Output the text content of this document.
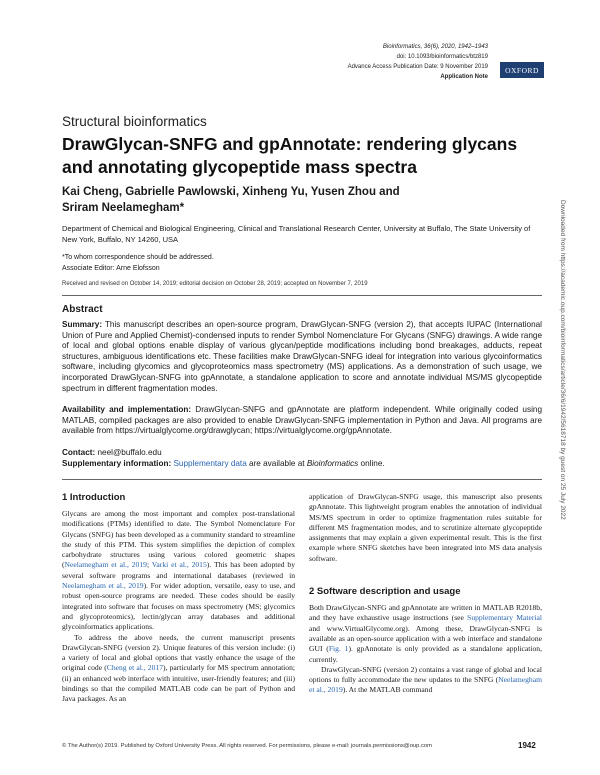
Bioinformatics, 36(6), 2020, 1942–1943
doi: 10.1093/bioinformatics/btz819
Advance Access Publication Date: 9 November 2019
Application Note
OXFORD
Structural bioinformatics
DrawGlycan-SNFG and gpAnnotate: rendering glycans
and annotating glycopeptide mass spectra
Kai Cheng, Gabrielle Pawlowski, Xinheng Yu, Yusen Zhou and
Sriram Neelamegham*
Department of Chemical and Biological Engineering, Clinical and Translational Research Center, University at Buffalo, The State University of New York, Buffalo, NY 14260, USA
*To whom correspondence should be addressed.
Associate Editor: Arne Elofsson
Received and revised on October 14, 2019; editorial decision on October 28, 2019; accepted on November 7, 2019
Abstract

Summary: This manuscript describes an open-source program, DrawGlycan-SNFG (version 2), that accepts IUPAC (International Union of Pure and Applied Chemist)-condensed inputs to render Symbol Nomenclature For Glycans (SNFG) drawings. A wide range of local and global options enable display of various glycan/peptide modifications including bond breakages, adducts, repeat structures, ambiguous identifications etc. These facilities make DrawGlycan-SNFG ideal for integration into various glycoinformatics software, including glycomics and glycoproteomics mass spectrometry (MS) applications. As a demonstration of such usage, we incorporated DrawGlycan-SNFG into gpAnnotate, a standalone application to score and annotate individual MS/MS glycopeptide spectrum in different fragmentation modes.

Availability and implementation: DrawGlycan-SNFG and gpAnnotate are platform independent. While originally coded using MATLAB, compiled packages are also provided to enable DrawGlycan-SNFG implementation in Python and Java. All programs are available from https://virtualglycome.org/drawglycan; https://virtualglycome.org/gpAnnotate.

Contact: neel@buffalo.edu

Supplementary information: Supplementary data are available at Bioinformatics online.

1 Introduction

Glycans are among the most important and complex post-translational modifications (PTMs) identified to date. The Symbol Nomenclature For Glycans (SNFG) has been developed as a community standard to streamline the study of this PTM. This system simplifies the depiction of complex carbohydrate structures using various colored geometric shapes (Neelamegham et al., 2019; Varki et al., 2015). This has been adopted by several software programs and international databases (reviewed in Neelamegham et al., 2019). For wider adoption, versatile, easy to use, and robust open-source programs are needed. These codes should be easily integrated into software that focuses on mass spectrometry (MS; glycomics and glycoproteomics), lectin/glycan array databases and additional glycoinformatics applications.

To address the above needs, the current manuscript presents DrawGlycan-SNFG (version 2). Unique features of this version include: (i) a variety of local and global options that vastly enhance the usage of the original code (Cheng et al., 2017), particularly for MS spectrum annotation; (ii) an enhanced web interface with intuitive, user-friendly features; and (iii) bindings so that the compiled MATLAB code can be part of Python and Java packages. As an

application of DrawGlycan-SNFG usage, this manuscript also presents gpAnnotate. This lightweight program enables the annotation of individual MS/MS spectrum in order to optimize fragmentation rules suitable for different MS fragmentation modes, and to scrutinize alternate glycopeptide assignments that may explain a given experimental result. This is the first example where SNFG sketches have been integrated into MS data analysis software.

2 Software description and usage

Both DrawGlycan-SNFG and gpAnnotate are written in MATLAB R2018b, and they have exhaustive usage instructions (see Supplementary Material and www.VirtualGlycome.org). Among these, DrawGlycan-SNFG is available as an open-source application with a web interface and standalone GUI (Fig. 1). gpAnnotate is only provided as a standalone application, currently.

DrawGlycan-SNFG (version 2) contains a vast range of global and local options to fully accommodate the new updates to the SNFG (Neelamegham et al., 2019). At the MATLAB command

Downloaded from https://academic.oup.com/bioinformatics/article/36/6/1942/5618718 by guest on 25 July 2022
© The Author(s) 2019. Published by Oxford University Press. All rights reserved. For permissions, please e-mail: journals.permissions@oup.com	1942
